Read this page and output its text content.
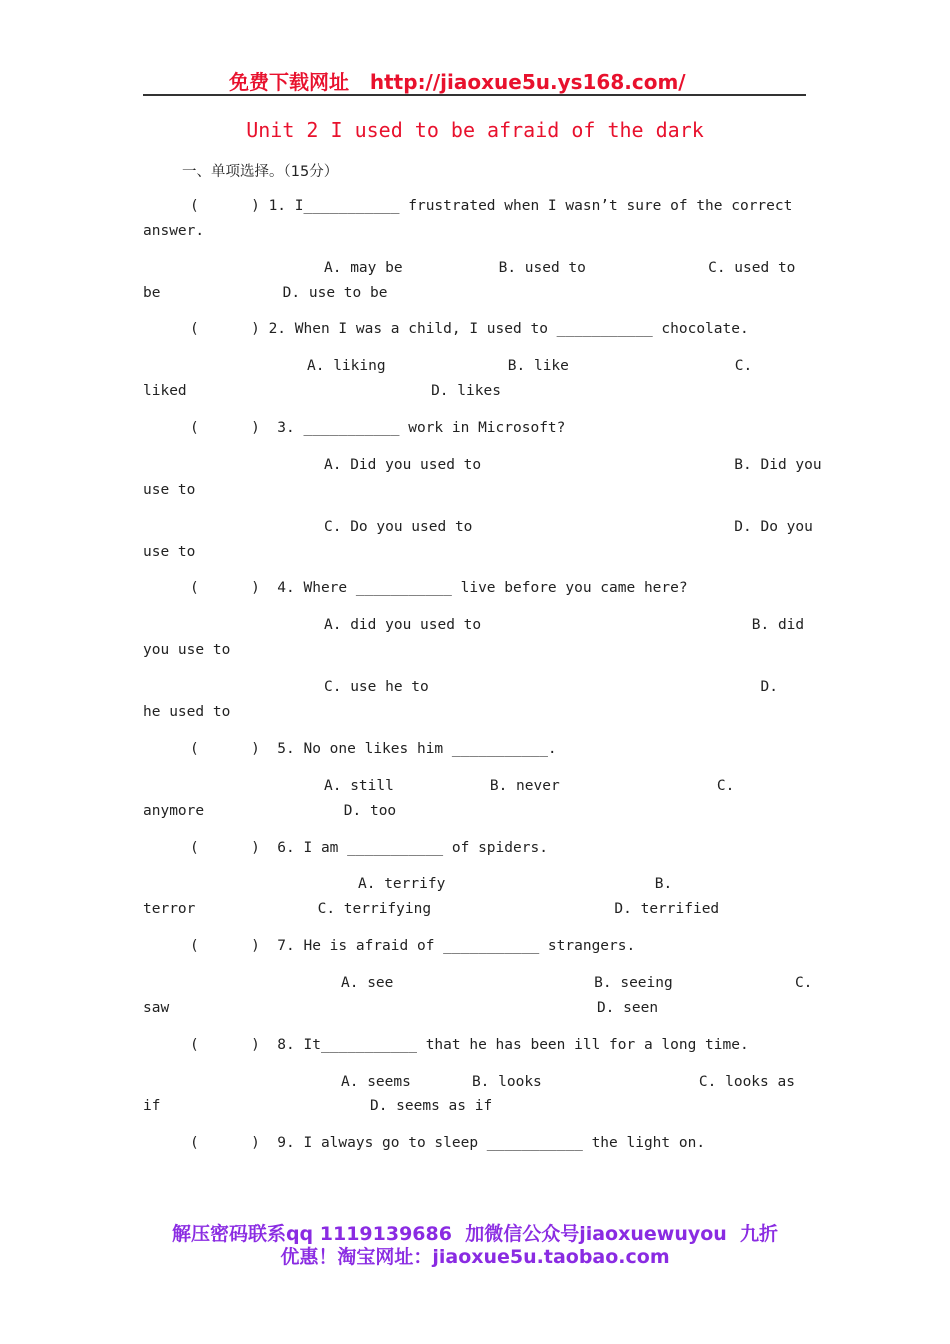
免费下载网址   http://jiaoxue5u.ys168.com/
Unit 2 I used to be afraid of the dark
一、单项选择。（15分）
(      ) 1. I___________ frustrated when I wasn’t sure of the correct
answer.
A. may be           B. used to              C. used to
be              D. use to be
(      ) 2. When I was a child, I used to ___________ chocolate.
A. liking              B. like                   C.
liked                            D. likes
(      )  3. ___________ work in Microsoft?
A. Did you used to                             B. Did you
use to
C. Do you used to                              D. Do you
use to
(      )  4. Where ___________ live before you came here?
A. did you used to                               B. did
you use to
C. use he to                                      D.
he used to
(      )  5. No one likes him ___________.
A. still           B. never                  C.
anymore                D. too
(      )  6. I am ___________ of spiders.
A. terrify                        B.
terror              C. terrifying                     D. terrified
(      )  7. He is afraid of ___________ strangers.
A. see                       B. seeing              C.
saw                                                 D. seen
(      )  8. It___________ that he has been ill for a long time.
A. seems       B. looks                  C. looks as
if                        D. seems as if
(      )  9. I always go to sleep ___________ the light on.
解压密码联系qq 1119139686  加微信公众号jiaoxuewuyou  九折
优惠！淘宝网址：jiaoxue5u.taobao.com
